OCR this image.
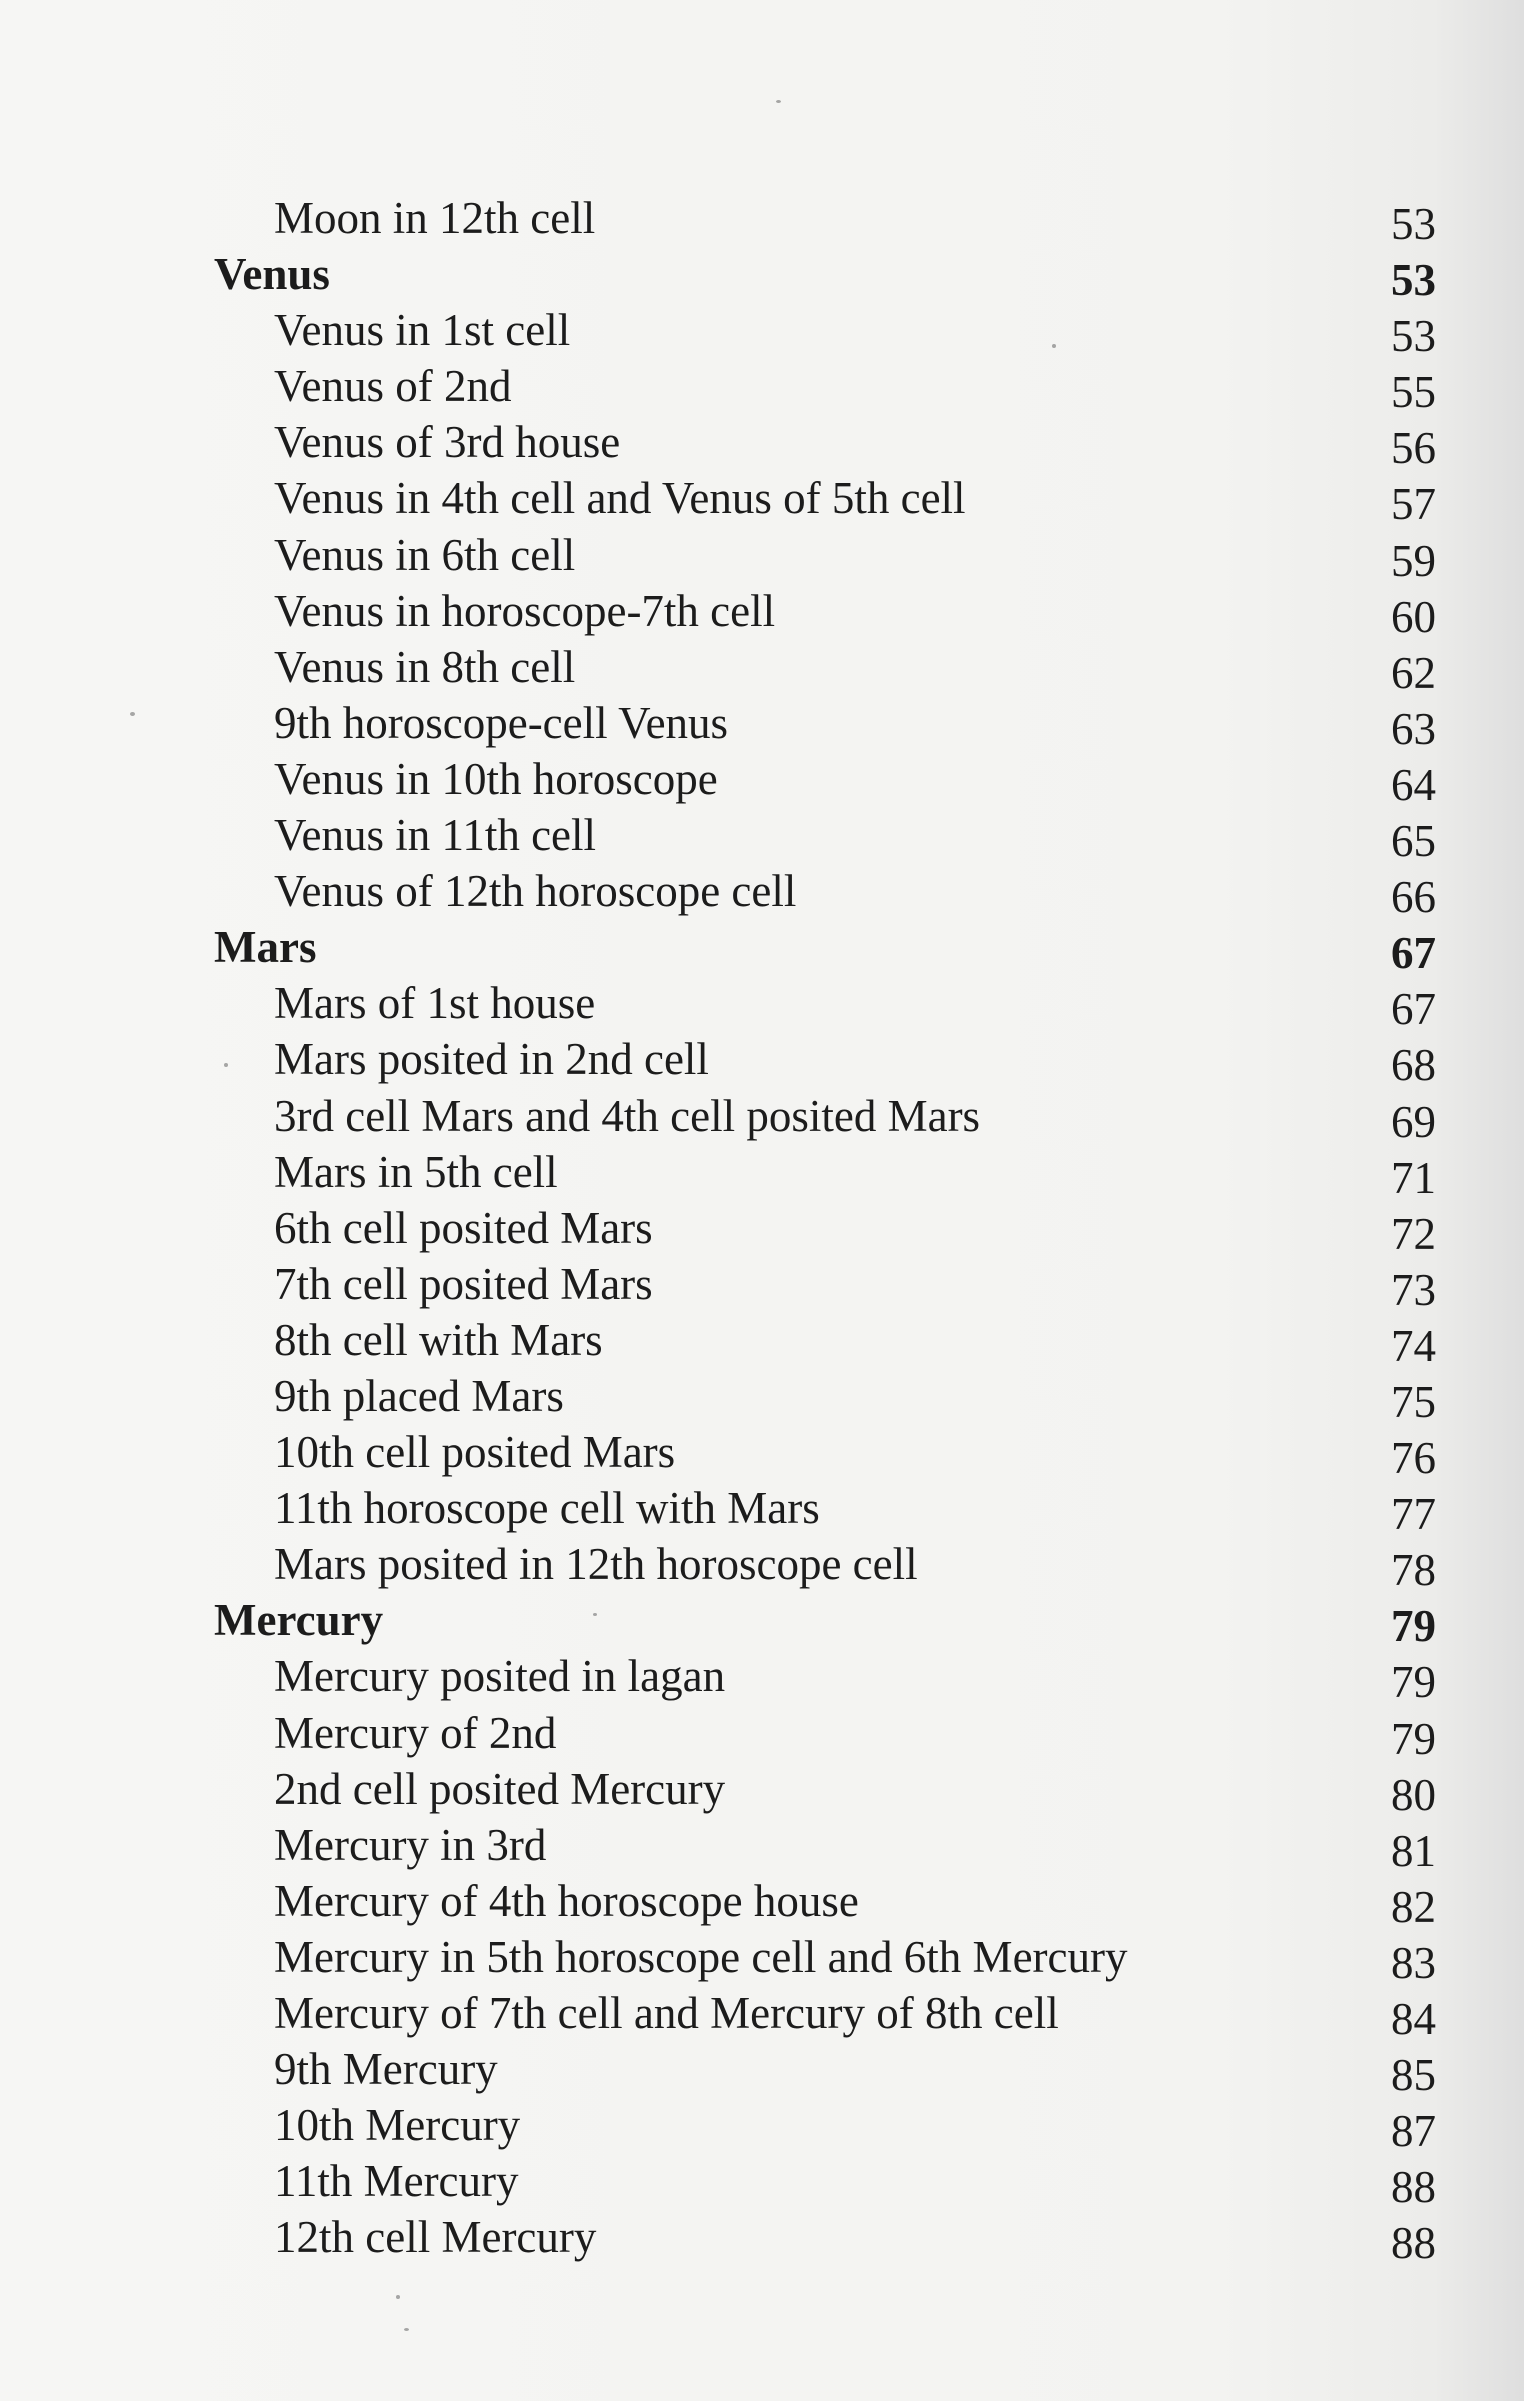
Moon in 12th cell	53
Venus	53
Venus in 1st cell	53
Venus of 2nd	55
Venus of 3rd house	56
Venus in 4th cell and Venus of 5th cell	57
Venus in 6th cell	59
Venus in horoscope-7th cell	60
Venus in 8th cell	62
9th horoscope-cell Venus	63
Venus in 10th horoscope	64
Venus in 11th cell	65
Venus of 12th horoscope cell	66
Mars	67
Mars of 1st house	67
Mars posited in 2nd cell	68
3rd cell Mars and 4th cell posited Mars	69
Mars in 5th cell	71
6th cell posited Mars	72
7th cell posited Mars	73
8th cell with Mars	74
9th placed Mars	75
10th cell posited Mars	76
11th horoscope cell with Mars	77
Mars posited in 12th horoscope cell	78
Mercury	79
Mercury posited in lagan	79
Mercury of 2nd	79
2nd cell posited Mercury	80
Mercury in 3rd	81
Mercury of 4th horoscope house	82
Mercury in 5th horoscope cell and 6th Mercury	83
Mercury of 7th cell and Mercury of 8th cell	84
9th Mercury	85
10th Mercury	87
11th Mercury	88
12th cell Mercury	88
